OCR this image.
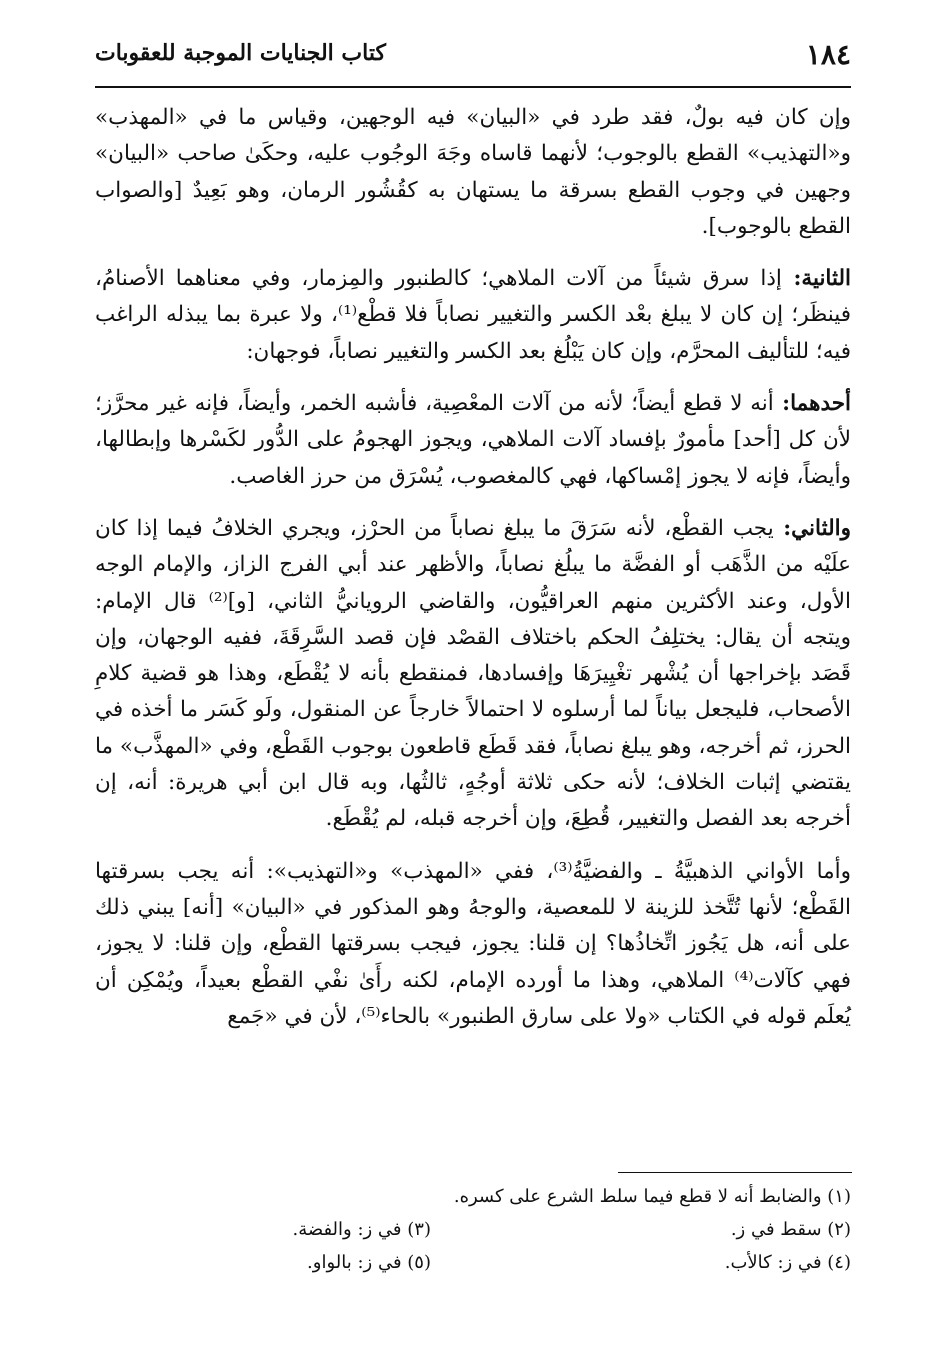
١٨٤
كتاب الجنايات الموجبة للعقوبات

وإن كان فيه بولٌ، فقد طرد في «البيان» فيه الوجهين، وقياس ما في «المهذب» و«التهذيب» القطع بالوجوب؛ لأنهما قاساه وجَهَ الوجُوب عليه، وحكَىٰ صاحب «البيان» وجهين في وجوب القطع بسرقة ما يستهان به كقُشُور الرمان، وهو بَعِيدٌ [والصواب القطع بالوجوب].

الثانية: إذا سرق شيئاً من آلات الملاهي؛ كالطنبور والمِزمار، وفي معناهما الأصنامُ، فينظَر؛ إن كان لا يبلغ بعْد الكسر والتغيير نصاباً فلا قطْع⁽¹⁾، ولا عبرة بما يبذله الراغب فيه؛ للتأليف المحرَّم، وإن كان يَبْلُغ بعد الكسر والتغيير نصاباً، فوجهان:

أحدهما: أنه لا قطع أيضاً؛ لأنه من آلات المعْصِية، فأشبه الخمر، وأيضاً، فإنه غير محرَّز؛ لأن كل [أحد] مأمورٌ بإفساد آلات الملاهي، ويجوز الهجومُ على الدُّور لكَسْرها وإبطالها، وأيضاً، فإنه لا يجوز إمْساكها، فهي كالمغصوب، يُسْرَق من حرز الغاصب.

والثاني: يجب القطْع، لأنه سَرَقَ ما يبلغ نصاباً من الحرْز، ويجري الخلافُ فيما إذا كان علَيْه من الذَّهَب أو الفضَّة ما يبلُغ نصاباً، والأظهر عند أبي الفرج الزاز، والإمام الوجه الأول، وعند الأكثرين منهم العراقيُّون، والقاضي الرويانيُّ الثاني، [و]⁽²⁾ قال الإمام: ويتجه أن يقال: يختلِفُ الحكم باختلاف القصْد فإن قصد السَّرِقَةَ، ففيه الوجهان، وإن قَصَد بإخراجها أن يُشْهر تغْيِيرَهَا وإفسادها، فمنقطع بأنه لا يُقْطَع، وهذا هو قضية كلامِ الأصحاب، فليجعل بياناً لما أرسلوه لا احتمالاً خارجاً عن المنقول، ولَو كَسَر ما أخذه في الحرز، ثم أخرجه، وهو يبلغ نصاباً، فقد قَطَع قاطعون بوجوب القَطْع، وفي «المهذَّب» ما يقتضي إثبات الخلاف؛ لأنه حكى ثلاثة أوجُهٍ، ثالثُها، وبه قال ابن أبي هريرة: أنه، إن أخرجه بعد الفصل والتغيير، قُطِعَ، وإن أخرجه قبله، لم يُقْطَع.

وأما الأواني الذهبيَّةُ ـ والفضيَّةُ⁽³⁾، ففي «المهذب» و«التهذيب»: أنه يجب بسرقتها القَطْع؛ لأنها تُتَّخذ للزينة لا للمعصية، والوجهُ وهو المذكور في «البيان» [أنه] يبني ذلك على أنه، هل يَجُوز اتِّخاذُها؟ إن قلنا: يجوز، فيجب بسرقتها القطْع، وإن قلنا: لا يجوز، فهي كآلات⁽⁴⁾ الملاهي، وهذا ما أورده الإمام، لكنه رأَىٰ نفْي القطْع بعيداً، ويُمْكِن أن يُعلَم قوله في الكتاب «ولا على سارق الطنبور» بالحاء⁽⁵⁾، لأن في «جَمع

(١) والضابط أنه لا قطع فيما سلط الشرع على كسره.
(٢) سقط في ز.
(٣) في ز: والفضة.
(٤) في ز: كالأب.
(٥) في ز: بالواو.
